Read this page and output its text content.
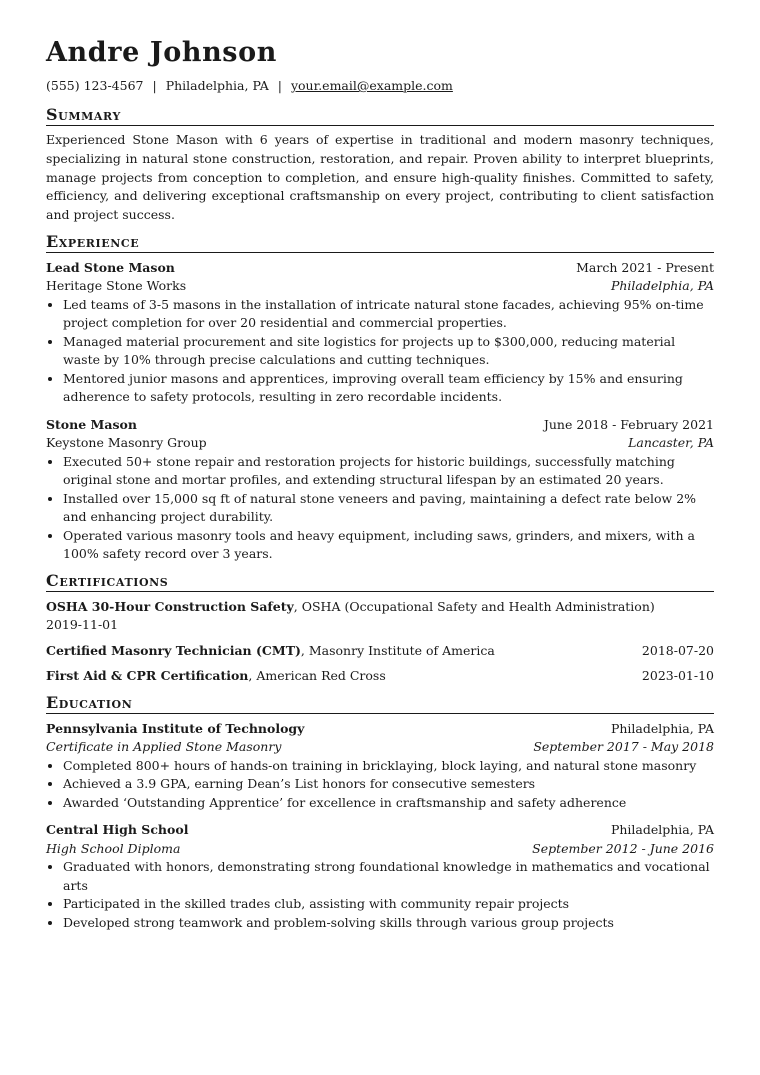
Andre Johnson
(555) 123-4567 | Philadelphia, PA | your.email@example.com
Summary
Experienced Stone Mason with 6 years of expertise in traditional and modern masonry techniques, specializing in natural stone construction, restoration, and repair. Proven ability to interpret blueprints, manage projects from conception to completion, and ensure high-quality finishes. Committed to safety, efficiency, and delivering exceptional craftsmanship on every project, contributing to client satisfaction and project success.
Experience
Lead Stone Mason	March 2021 - Present
Heritage Stone Works	Philadelphia, PA
• Led teams of 3-5 masons in the installation of intricate natural stone facades, achieving 95% on-time project completion for over 20 residential and commercial properties.
• Managed material procurement and site logistics for projects up to $300,000, reducing material waste by 10% through precise calculations and cutting techniques.
• Mentored junior masons and apprentices, improving overall team efficiency by 15% and ensuring adherence to safety protocols, resulting in zero recordable incidents.
Stone Mason	June 2018 - February 2021
Keystone Masonry Group	Lancaster, PA
• Executed 50+ stone repair and restoration projects for historic buildings, successfully matching original stone and mortar profiles, and extending structural lifespan by an estimated 20 years.
• Installed over 15,000 sq ft of natural stone veneers and paving, maintaining a defect rate below 2% and enhancing project durability.
• Operated various masonry tools and heavy equipment, including saws, grinders, and mixers, with a 100% safety record over 3 years.
Certifications
OSHA 30-Hour Construction Safety, OSHA (Occupational Safety and Health Administration)
2019-11-01
Certified Masonry Technician (CMT), Masonry Institute of America	2018-07-20
First Aid & CPR Certification, American Red Cross	2023-01-10
Education
Pennsylvania Institute of Technology	Philadelphia, PA
Certificate in Applied Stone Masonry	September 2017 - May 2018
• Completed 800+ hours of hands-on training in bricklaying, block laying, and natural stone masonry
• Achieved a 3.9 GPA, earning Dean’s List honors for consecutive semesters
• Awarded ‘Outstanding Apprentice’ for excellence in craftsmanship and safety adherence
Central High School	Philadelphia, PA
High School Diploma	September 2012 - June 2016
• Graduated with honors, demonstrating strong foundational knowledge in mathematics and vocational arts
• Participated in the skilled trades club, assisting with community repair projects
• Developed strong teamwork and problem-solving skills through various group projects
